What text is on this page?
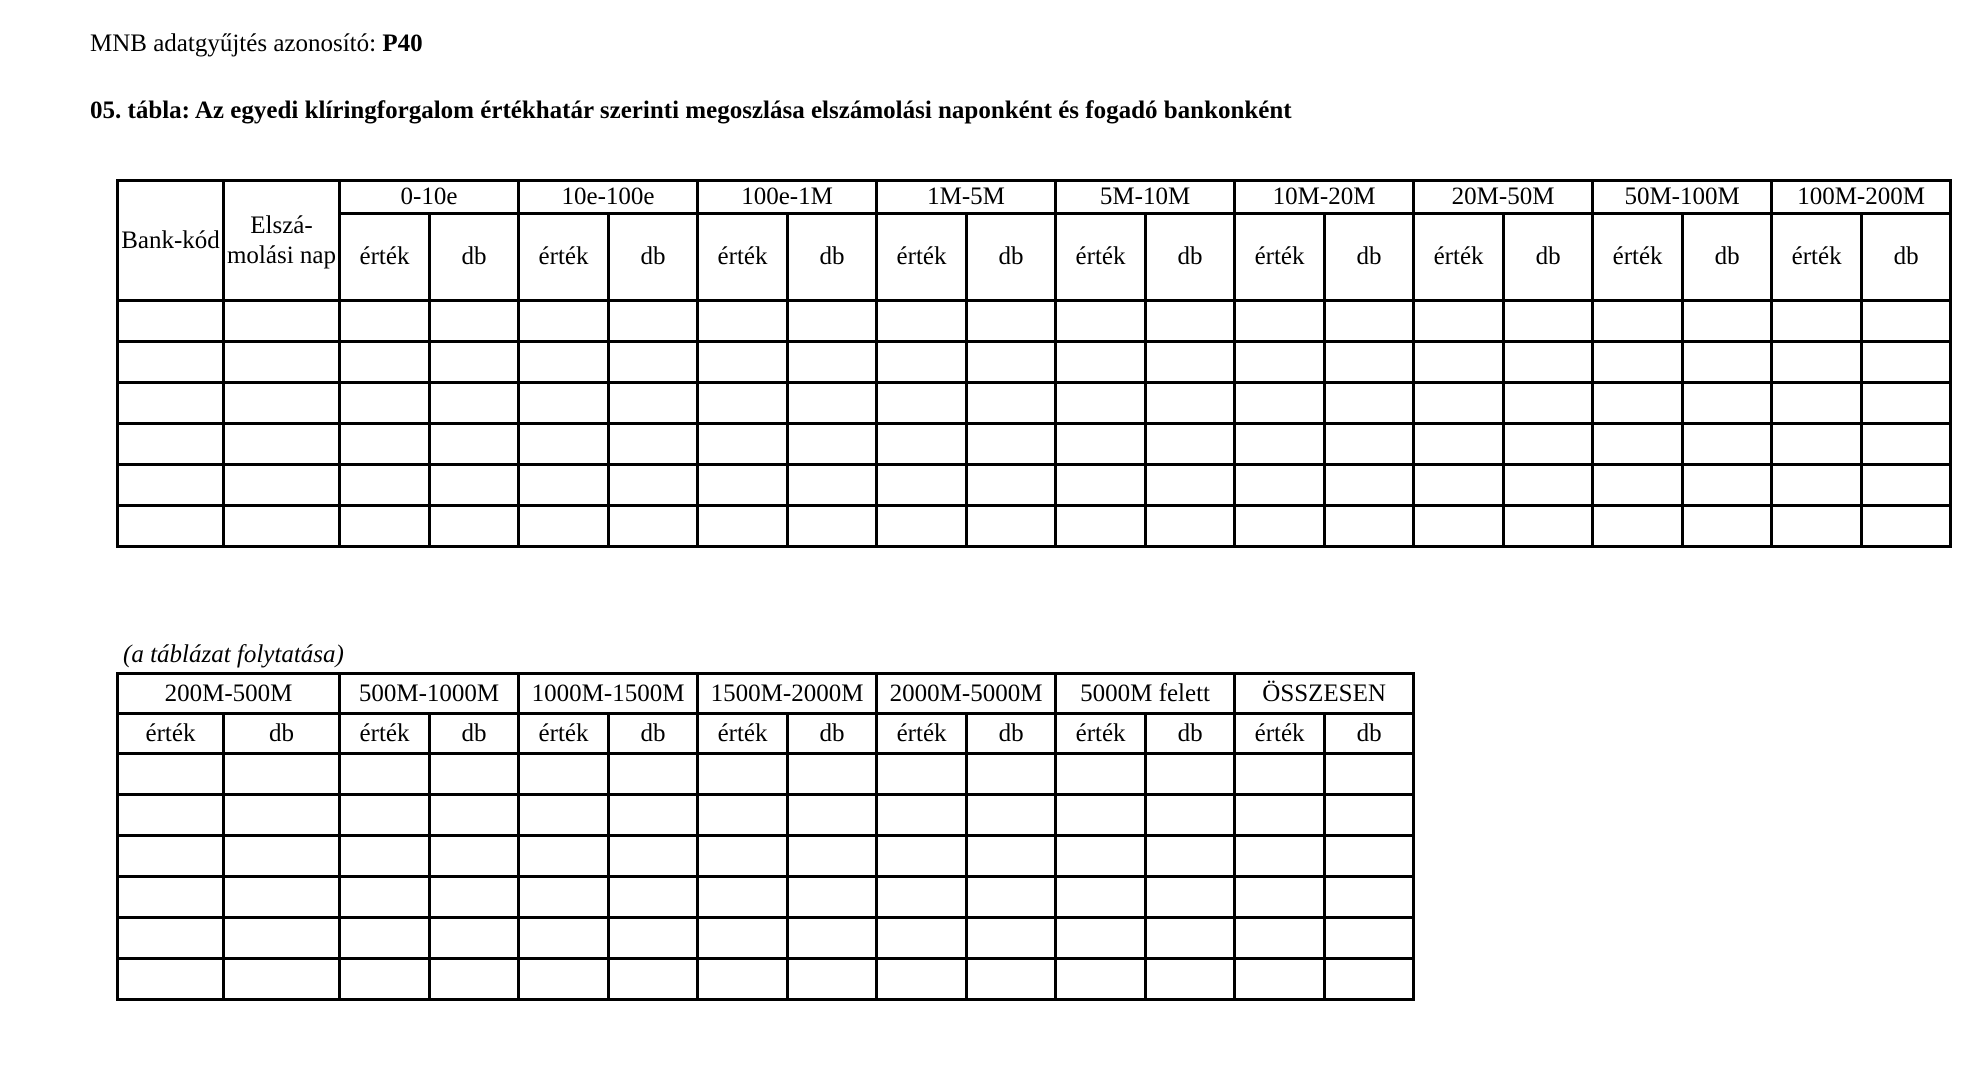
MNB adatgyűjtés azonosító: P40
05. tábla: Az egyedi klíringforgalom értékhatár szerinti megoszlása elszámolási naponként és fogadó bankonként
Bank-kód	Elszá-molási nap	0-10e		10e-100e		100e-1M		1M-5M		5M-10M		10M-20M		20M-50M		50M-100M		100M-200M	
		érték	db	érték	db	érték	db	érték	db	érték	db	érték	db	érték	db	érték	db	érték	db

(a táblázat folytatása)
200M-500M		500M-1000M		1000M-1500M		1500M-2000M		2000M-5000M		5000M felett		ÖSSZESEN	
érték	db	érték	db	érték	db	érték	db	érték	db	érték	db	érték	db
